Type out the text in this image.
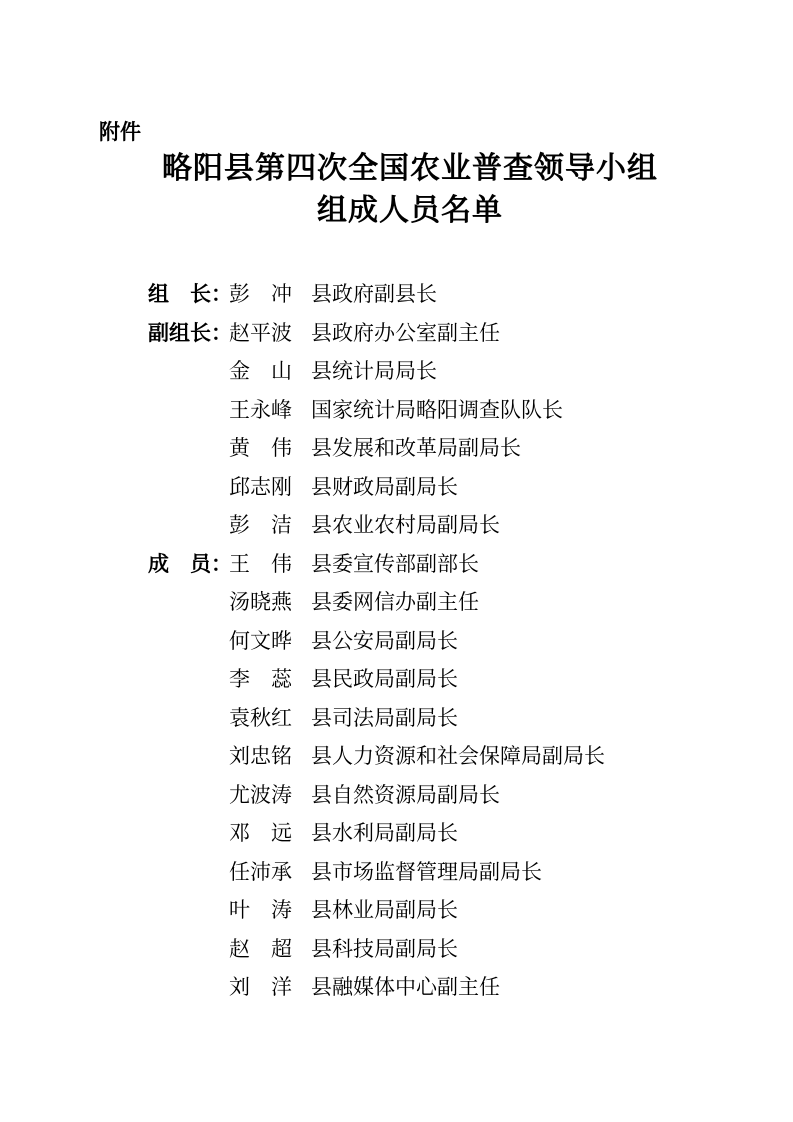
附件
略阳县第四次全国农业普查领导小组
组成人员名单
组　长：
彭　冲 县政府副县长
副组长：
赵平波 县政府办公室副主任
金　山 县统计局局长
王永峰 国家统计局略阳调查队队长
黄　伟 县发展和改革局副局长
邱志刚 县财政局副局长
彭　洁 县农业农村局副局长
成　员：
王　伟 县委宣传部副部长
汤晓燕 县委网信办副主任
何文晔 县公安局副局长
李　蕊 县民政局副局长
袁秋红 县司法局副局长
刘忠铭 县人力资源和社会保障局副局长
尤波涛 县自然资源局副局长
邓　远 县水利局副局长
任沛承 县市场监督管理局副局长
叶　涛 县林业局副局长
赵　超 县科技局副局长
刘　洋 县融媒体中心副主任
